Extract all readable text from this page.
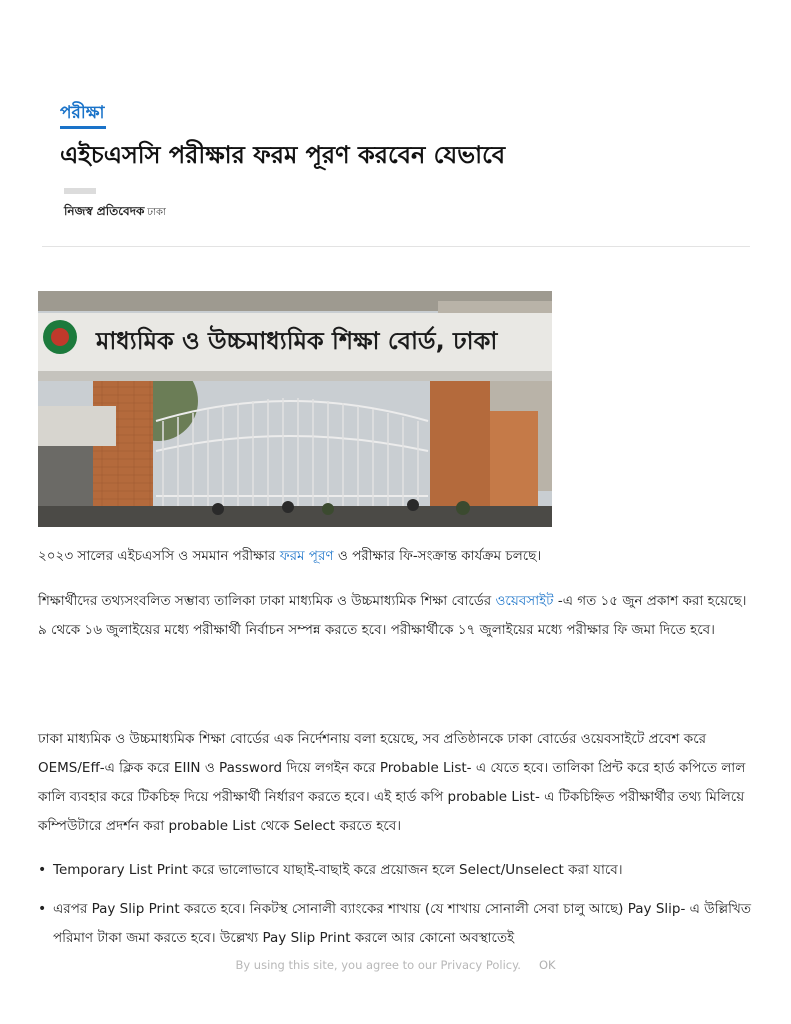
পরীক্ষা
এইচএসসি পরীক্ষার ফরম পূরণ করবেন যেভাবে
নিজস্ব প্রতিবেদক ঢাকা
মাধ্যমিক ও উচ্চমাধ্যমিক শিক্ষা বোর্ড, ঢাকা

২০২৩ সালের এইচএসসি ও সমমান পরীক্ষার ফরম পূরণ ও পরীক্ষার ফি-সংক্রান্ত কার্যক্রম চলছে।

শিক্ষার্থীদের তথ্যসংবলিত সম্ভাব্য তালিকা ঢাকা মাধ্যমিক ও উচ্চমাধ্যমিক শিক্ষা বোর্ডের ওয়েবসাইট -এ গত ১৫ জুন প্রকাশ করা হয়েছে। ৯ থেকে ১৬ জুলাইয়ের মধ্যে পরীক্ষার্থী নির্বাচন সম্পন্ন করতে হবে। পরীক্ষার্থীকে ১৭ জুলাইয়ের মধ্যে পরীক্ষার ফি জমা দিতে হবে।

ঢাকা মাধ্যমিক ও উচ্চমাধ্যমিক শিক্ষা বোর্ডের এক নির্দেশনায় বলা হয়েছে, সব প্রতিষ্ঠানকে ঢাকা বোর্ডের ওয়েবসাইটে প্রবেশ করে OEMS/Eff-এ ক্লিক করে EIIN ও Password দিয়ে লগইন করে Probable List- এ যেতে হবে। তালিকা প্রিন্ট করে হার্ড কপিতে লাল কালি ব্যবহার করে টিকচিহ্ন দিয়ে পরীক্ষার্থী নির্ধারণ করতে হবে। এই হার্ড কপি probable List- এ টিকচিহ্নিত পরীক্ষার্থীর তথ্য মিলিয়ে কম্পিউটারে প্রদর্শন করা probable List থেকে Select করতে হবে।

• Temporary List Print করে ভালোভাবে যাছাই-বাছাই করে প্রয়োজন হলে Select/Unselect করা যাবে।
• এরপর Pay Slip Print করতে হবে। নিকটস্থ সোনালী ব্যাংকের শাখায় (যে শাখায় সোনালী সেবা চালু আছে) Pay Slip- এ উল্লিখিত পরিমাণ টাকা জমা করতে হবে। উল্লেখ্য Pay Slip Print করলে আর কোনো অবস্থাতেই
By using this site, you agree to our Privacy Policy. OK
